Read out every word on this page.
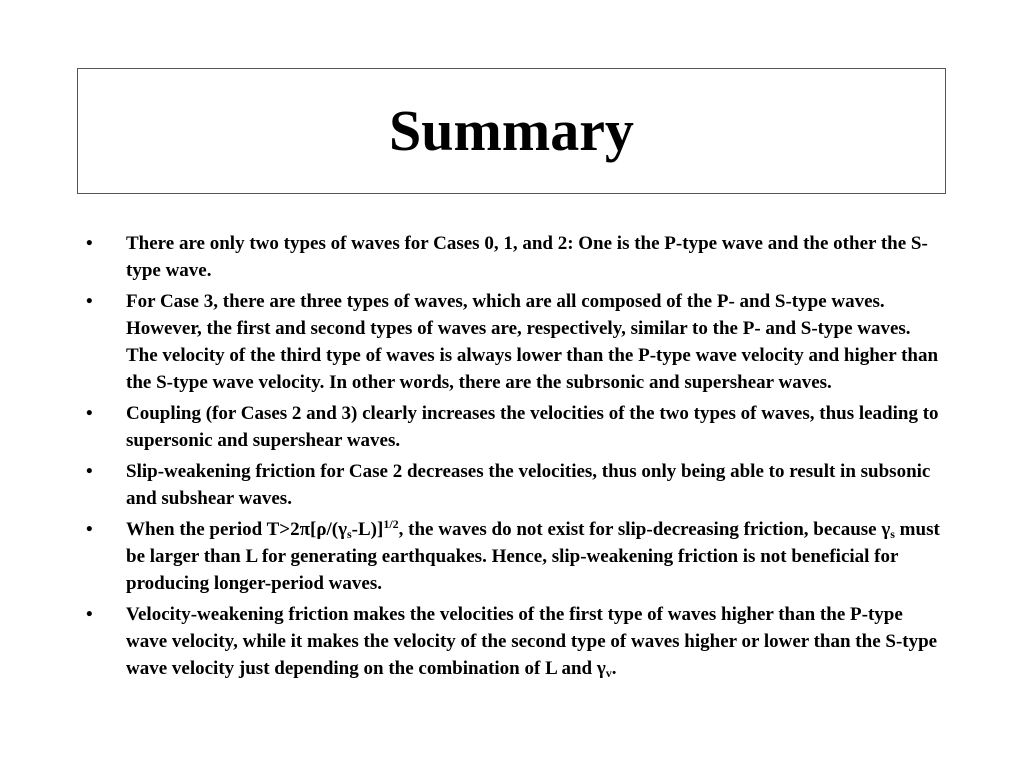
Summary
• There are only two types of waves for Cases 0, 1, and 2: One is the P-type wave and the other the S-type wave.
• For Case 3, there are three types of waves, which are all composed of the P- and S-type waves. However, the first and second types of waves are, respectively, similar to the P- and S-type waves. The velocity of the third type of waves is always lower than the P-type wave velocity and higher than the S-type wave velocity. In other words, there are the subrsonic and supershear waves.
• Coupling (for Cases 2 and 3) clearly increases the velocities of the two types of waves, thus leading to supersonic and supershear waves.
• Slip-weakening friction for Case 2 decreases the velocities, thus only being able to result in subsonic and subshear waves.
• When the period $T>2\pi[\rho/(\gamma_s-L)]^{1/2}$, the waves do not exist for slip-decreasing friction, because $\gamma_s$ must be larger than L for generating earthquakes. Hence, slip-weakening friction is not beneficial for producing longer-period waves.
• Velocity-weakening friction makes the velocities of the first type of waves higher than the P-type wave velocity, while it makes the velocity of the second type of waves higher or lower than the S-type wave velocity just depending on the combination of L and $\gamma_v$.
